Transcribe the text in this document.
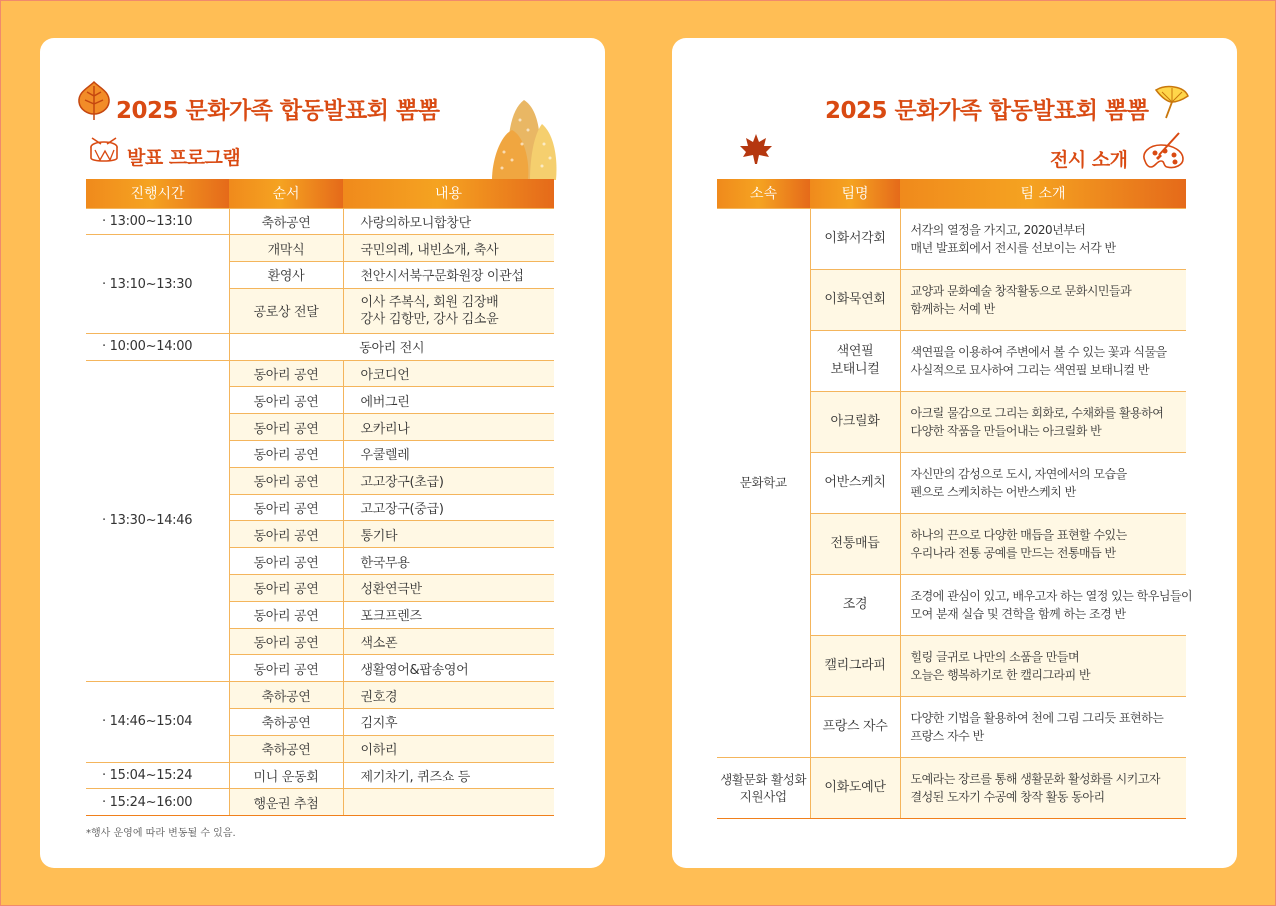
2025 문화가족 합동발표회 뽐뽐
발표 프로그램
진행시간	순서	내용
· 13:00~13:10	축하공연	사랑의하모니합창단
· 13:10~13:30	개막식	국민의례, 내빈소개, 축사
	환영사	천안시서북구문화원장 이관섭
	공로상 전달	이사 주복식, 회원 김장배
강사 김항만, 강사 김소윤
· 10:00~14:00	동아리 전시	
· 13:30~14:46	동아리 공연	아코디언
	동아리 공연	에버그린
	동아리 공연	오카리나
	동아리 공연	우쿨렐레
	동아리 공연	고고장구(초급)
	동아리 공연	고고장구(중급)
	동아리 공연	통기타
	동아리 공연	한국무용
	동아리 공연	성환연극반
	동아리 공연	포크프렌즈
	동아리 공연	색소폰
	동아리 공연	생활영어&팝송영어
· 14:46~15:04	축하공연	권호경
	축하공연	김지후
	축하공연	이하리
· 15:04~15:24	미니 운동회	제기차기, 퀴즈쇼 등
· 15:24~16:00	행운권 추첨	
*행사 운영에 따라 변동될 수 있음.
2025 문화가족 합동발표회 뽐뽐
전시 소개
소속	팀명	팀 소개
문화학교	이화서각회	서각의 열정을 가지고, 2020년부터
매년 발표회에서 전시를 선보이는 서각 반
	이화묵연회	교양과 문화예술 창작활동으로 문화시민들과
함께하는 서예 반
	색연필
보태니컬	색연필을 이용하여 주변에서 볼 수 있는 꽃과 식물을
사실적으로 묘사하여 그리는 색연필 보태니컬 반
	아크릴화	아크릴 물감으로 그리는 회화로, 수채화를 활용하여
다양한 작품을 만들어내는 아크릴화 반
	어반스케치	자신만의 감성으로 도시, 자연에서의 모습을
펜으로 스케치하는 어반스케치 반
	전통매듭	하나의 끈으로 다양한 매듭을 표현할 수있는
우리나라 전통 공예를 만드는 전통매듭 반
	조경	조경에 관심이 있고, 배우고자 하는 열정 있는 학우님들이
모여 분재 실습 및 견학을 함께 하는 조경 반
	캘리그라피	힐링 글귀로 나만의 소품을 만들며
오늘은 행복하기로 한 캘리그라피 반
	프랑스 자수	다양한 기법을 활용하여 천에 그림 그리듯 표현하는
프랑스 자수 반
생활문화 활성화
지원사업	이화도예단	도예라는 장르를 통해 생활문화 활성화를 시키고자
결성된 도자기 수공예 창작 활동 동아리
